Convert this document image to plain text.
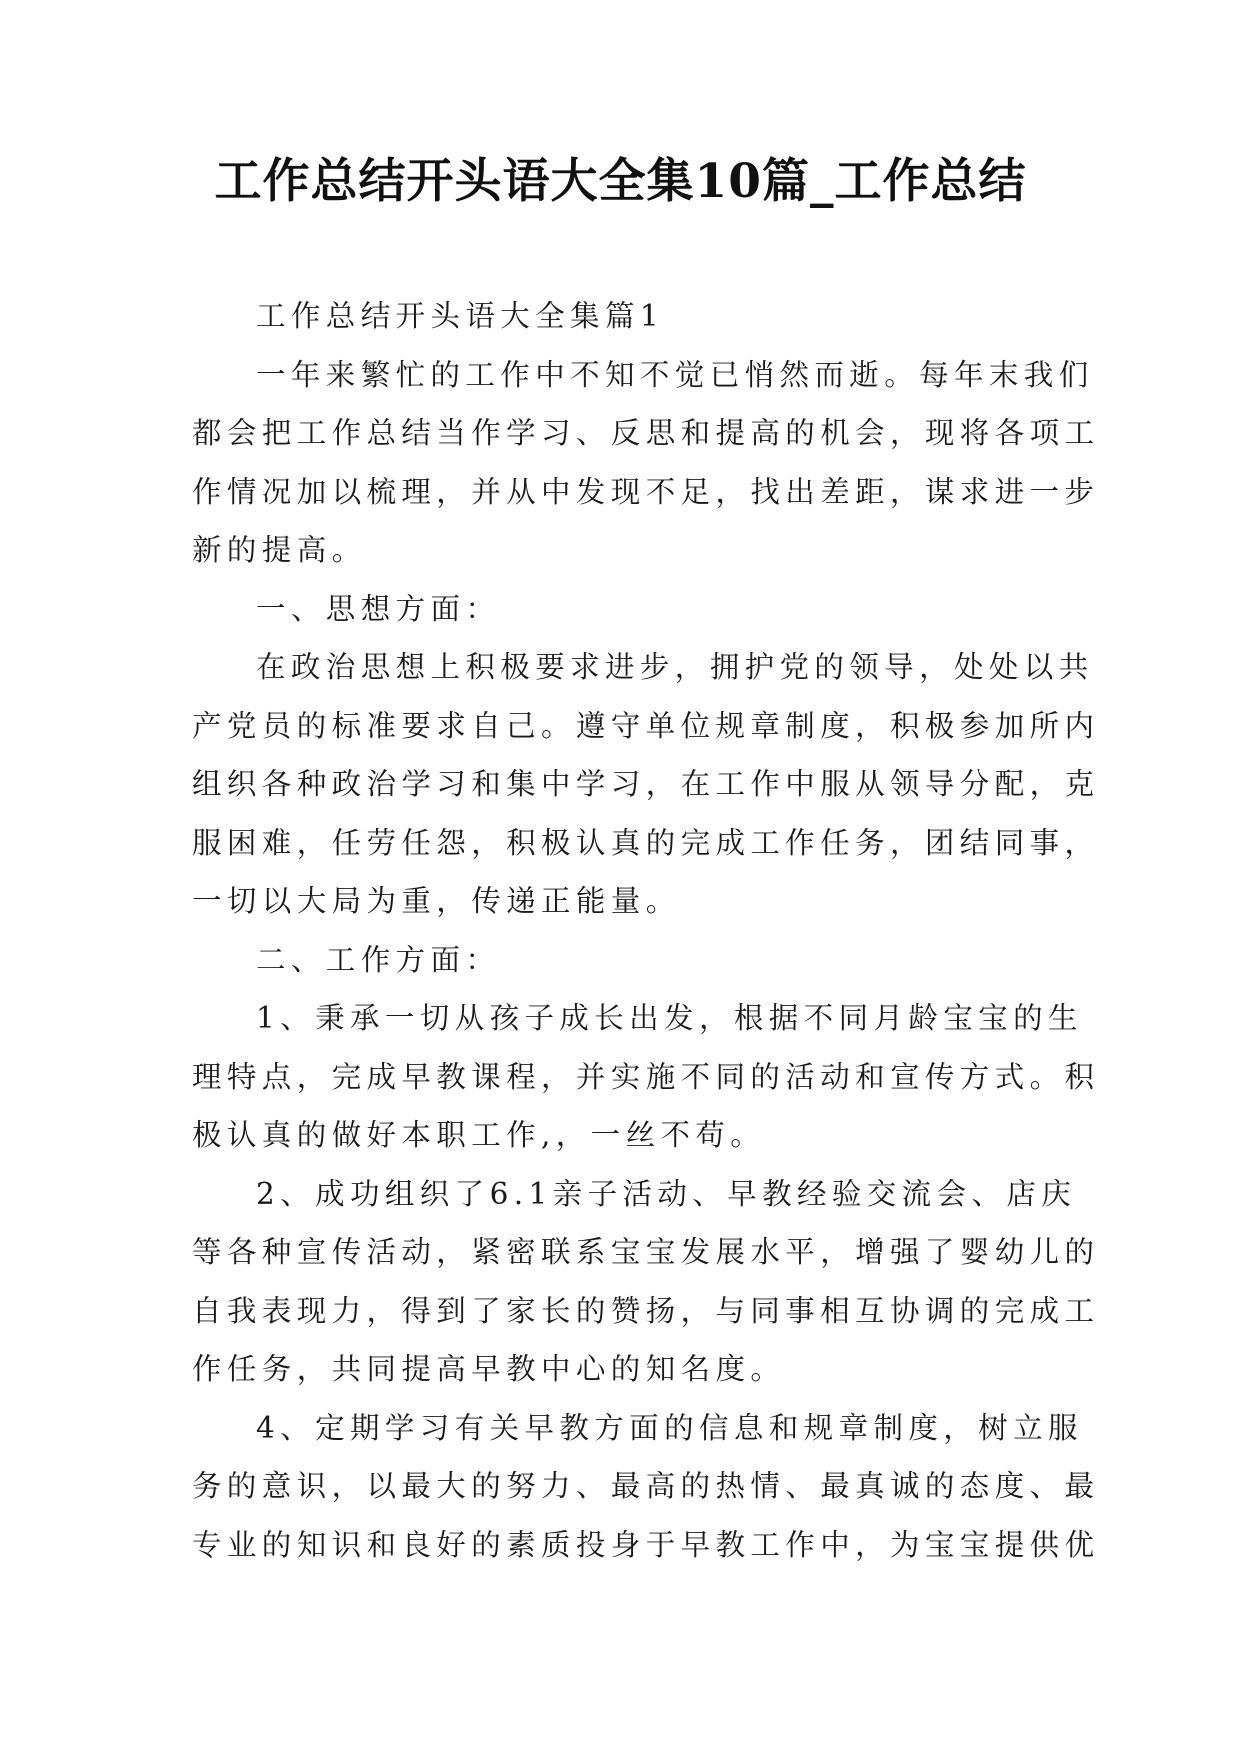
工作总结开头语大全集10篇_工作总结

工作总结开头语大全集篇1

一年来繁忙的工作中不知不觉已悄然而逝。每年末我们

都会把工作总结当作学习、反思和提高的机会，现将各项工

作情况加以梳理，并从中发现不足，找出差距，谋求进一步

新的提高。

一、思想方面：

在政治思想上积极要求进步，拥护党的领导，处处以共

产党员的标准要求自己。遵守单位规章制度，积极参加所内

组织各种政治学习和集中学习，在工作中服从领导分配，克

服困难，任劳任怨，积极认真的完成工作任务，团结同事，

一切以大局为重，传递正能量。

二、工作方面：

1、秉承一切从孩子成长出发，根据不同月龄宝宝的生

理特点，完成早教课程，并实施不同的活动和宣传方式。积

极认真的做好本职工作,，一丝不苟。

2、成功组织了6.1亲子活动、早教经验交流会、店庆

等各种宣传活动，紧密联系宝宝发展水平，增强了婴幼儿的

自我表现力，得到了家长的赞扬，与同事相互协调的完成工

作任务，共同提高早教中心的知名度。

4、定期学习有关早教方面的信息和规章制度，树立服

务的意识，以最大的努力、最高的热情、最真诚的态度、最

专业的知识和良好的素质投身于早教工作中，为宝宝提供优
